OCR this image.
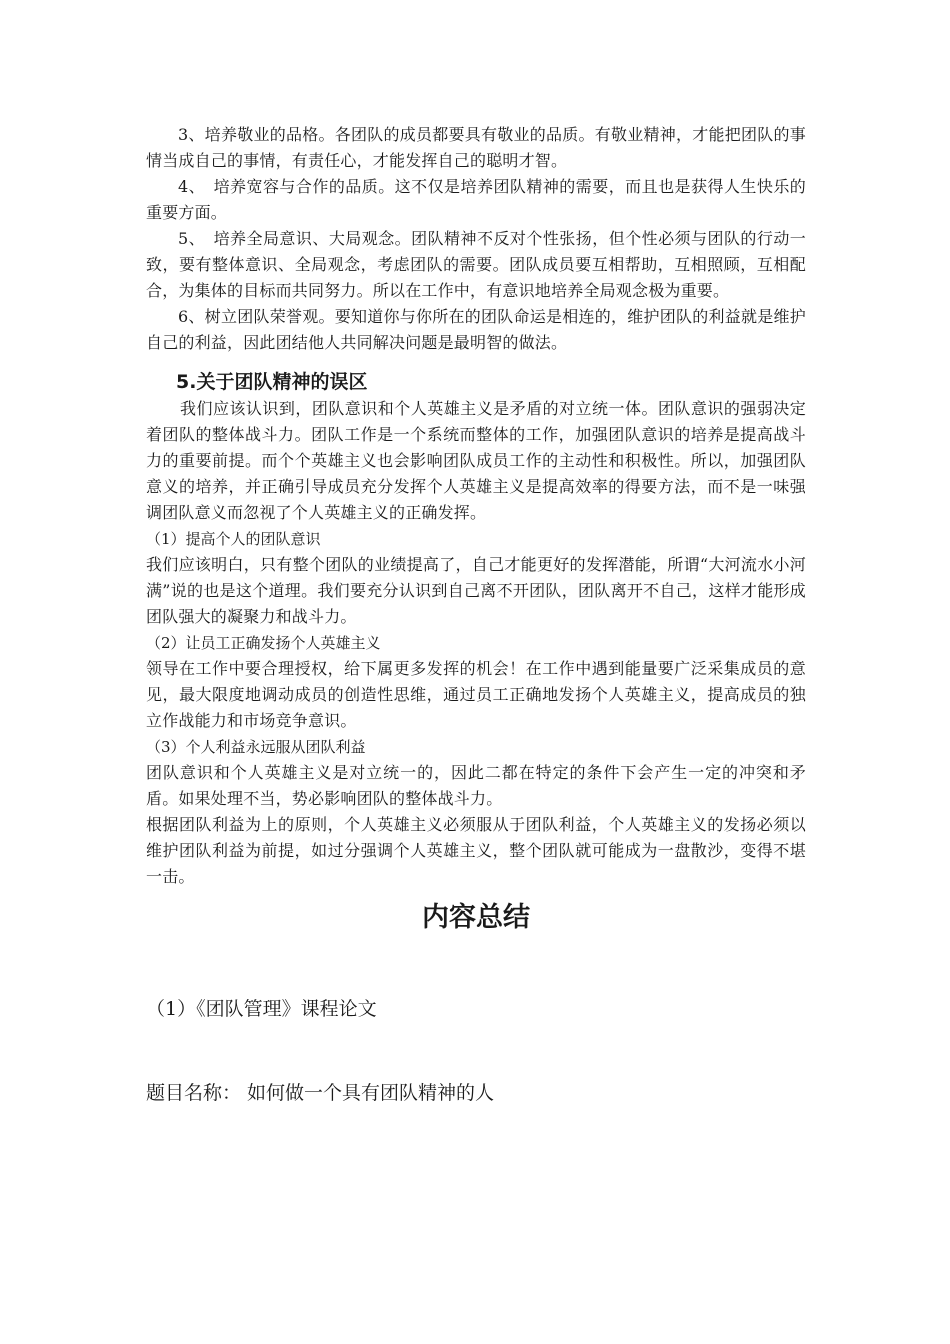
3、培养敬业的品格。各团队的成员都要具有敬业的品质。有敬业精神，才能把团队的事情当成自己的事情，有责任心，才能发挥自己的聪明才智。

4、　培养宽容与合作的品质。这不仅是培养团队精神的需要，而且也是获得人生快乐的重要方面。

5、　培养全局意识、大局观念。团队精神不反对个性张扬，但个性必须与团队的行动一致，要有整体意识、全局观念，考虑团队的需要。团队成员要互相帮助，互相照顾，互相配合，为集体的目标而共同努力。所以在工作中，有意识地培养全局观念极为重要。

6、树立团队荣誉观。要知道你与你所在的团队命运是相连的，维护团队的利益就是维护自己的利益，因此团结他人共同解决问题是最明智的做法。

5.关于团队精神的误区

我们应该认识到，团队意识和个人英雄主义是矛盾的对立统一体。团队意识的强弱决定着团队的整体战斗力。团队工作是一个系统而整体的工作，加强团队意识的培养是提高战斗力的重要前提。而个个英雄主义也会影响团队成员工作的主动性和积极性。所以，加强团队意义的培养，并正确引导成员充分发挥个人英雄主义是提高效率的得要方法，而不是一味强调团队意义而忽视了个人英雄主义的正确发挥。

（1）提高个人的团队意识

我们应该明白，只有整个团队的业绩提高了，自己才能更好的发挥潜能，所谓“大河流水小河满”说的也是这个道理。我们要充分认识到自己离不开团队，团队离开不自己，这样才能形成团队强大的凝聚力和战斗力。

（2）让员工正确发扬个人英雄主义

领导在工作中要合理授权，给下属更多发挥的机会！在工作中遇到能量要广泛采集成员的意见，最大限度地调动成员的创造性思维，通过员工正确地发扬个人英雄主义，提高成员的独立作战能力和市场竞争意识。

（3）个人利益永远服从团队利益

团队意识和个人英雄主义是对立统一的，因此二都在特定的条件下会产生一定的冲突和矛盾。如果处理不当，势必影响团队的整体战斗力。

根据团队利益为上的原则，个人英雄主义必须服从于团队利益，个人英雄主义的发扬必须以维护团队利益为前提，如过分强调个人英雄主义，整个团队就可能成为一盘散沙，变得不堪一击。

内容总结

（1）《团队管理》课程论文

题目名称： 如何做一个具有团队精神的人
